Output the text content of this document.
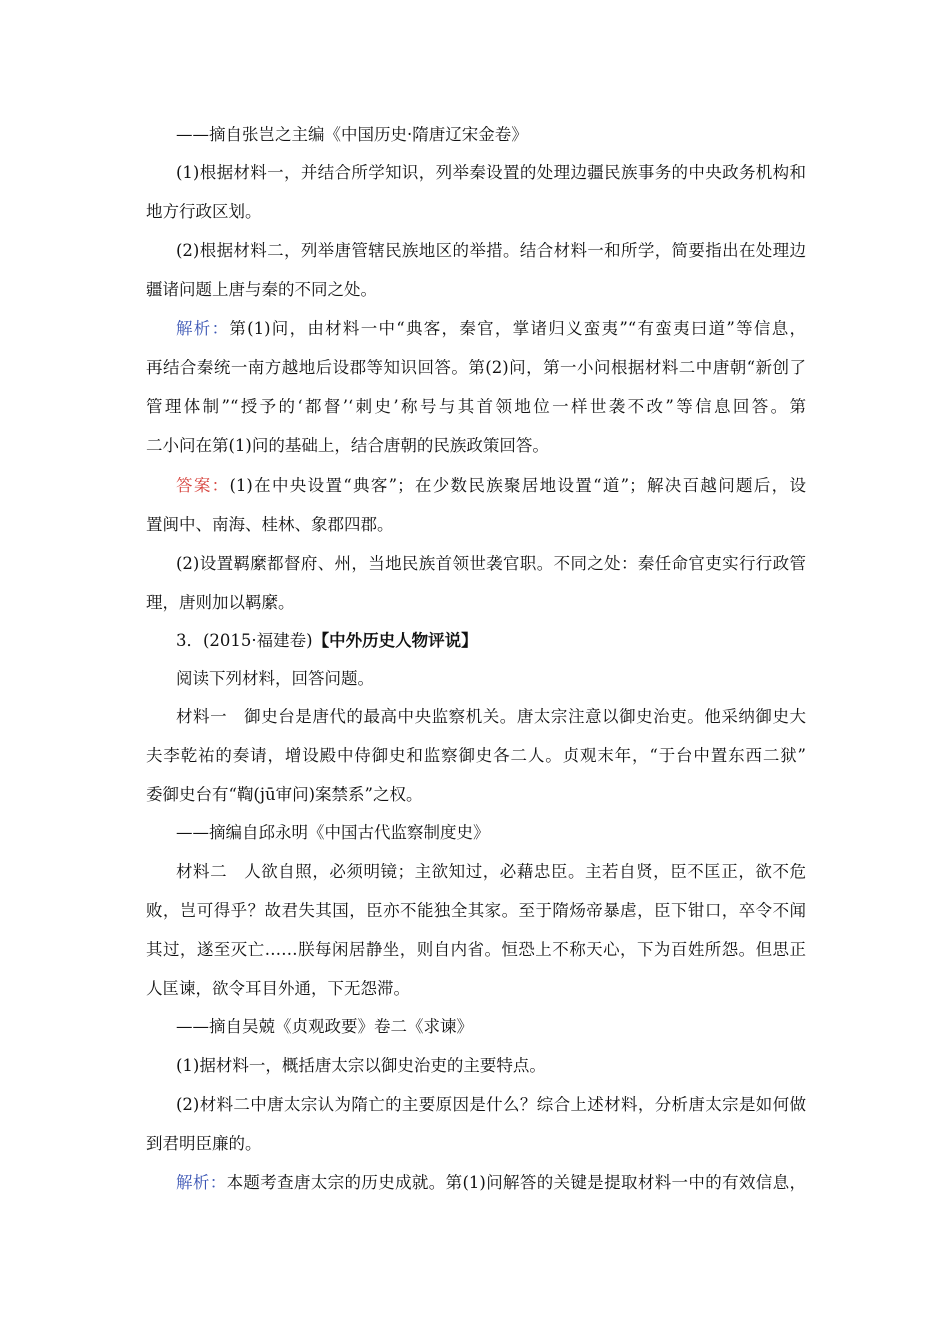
——摘自张岂之主编《中国历史·隋唐辽宋金卷》
(1)根据材料一，并结合所学知识，列举秦设置的处理边疆民族事务的中央政务机构和
地方行政区划。
(2)根据材料二，列举唐管辖民族地区的举措。结合材料一和所学，简要指出在处理边
疆诸问题上唐与秦的不同之处。
解析：第(1)问，由材料一中“典客，秦官，掌诸归义蛮夷”“有蛮夷曰道”等信息，
再结合秦统一南方越地后设郡等知识回答。第(2)问，第一小问根据材料二中唐朝“新创了
管理体制”“授予的‘都督’‘刺史’称号与其首领地位一样世袭不改”等信息回答。第
二小问在第(1)问的基础上，结合唐朝的民族政策回答。
答案：(1)在中央设置“典客”；在少数民族聚居地设置“道”；解决百越问题后，设
置闽中、南海、桂林、象郡四郡。
(2)设置羁縻都督府、州，当地民族首领世袭官职。不同之处：秦任命官吏实行行政管
理，唐则加以羁縻。
3．(2015·福建卷)【中外历史人物评说】
阅读下列材料，回答问题。
材料一　御史台是唐代的最高中央监察机关。唐太宗注意以御史治吏。他采纳御史大
夫李乾祐的奏请，增设殿中侍御史和监察御史各二人。贞观末年，“于台中置东西二狱”
委御史台有“鞫(jū审问)案禁系”之权。
——摘编自邱永明《中国古代监察制度史》
材料二　人欲自照，必须明镜；主欲知过，必藉忠臣。主若自贤，臣不匡正，欲不危
败，岂可得乎？故君失其国，臣亦不能独全其家。至于隋炀帝暴虐，臣下钳口，卒令不闻
其过，遂至灭亡……朕每闲居静坐，则自内省。恒恐上不称天心，下为百姓所怨。但思正
人匡谏，欲令耳目外通，下无怨滞。
——摘自吴兢《贞观政要》卷二《求谏》
(1)据材料一，概括唐太宗以御史治吏的主要特点。
(2)材料二中唐太宗认为隋亡的主要原因是什么？综合上述材料，分析唐太宗是如何做
到君明臣廉的。
解析：本题考查唐太宗的历史成就。第(1)问解答的关键是提取材料一中的有效信息，
